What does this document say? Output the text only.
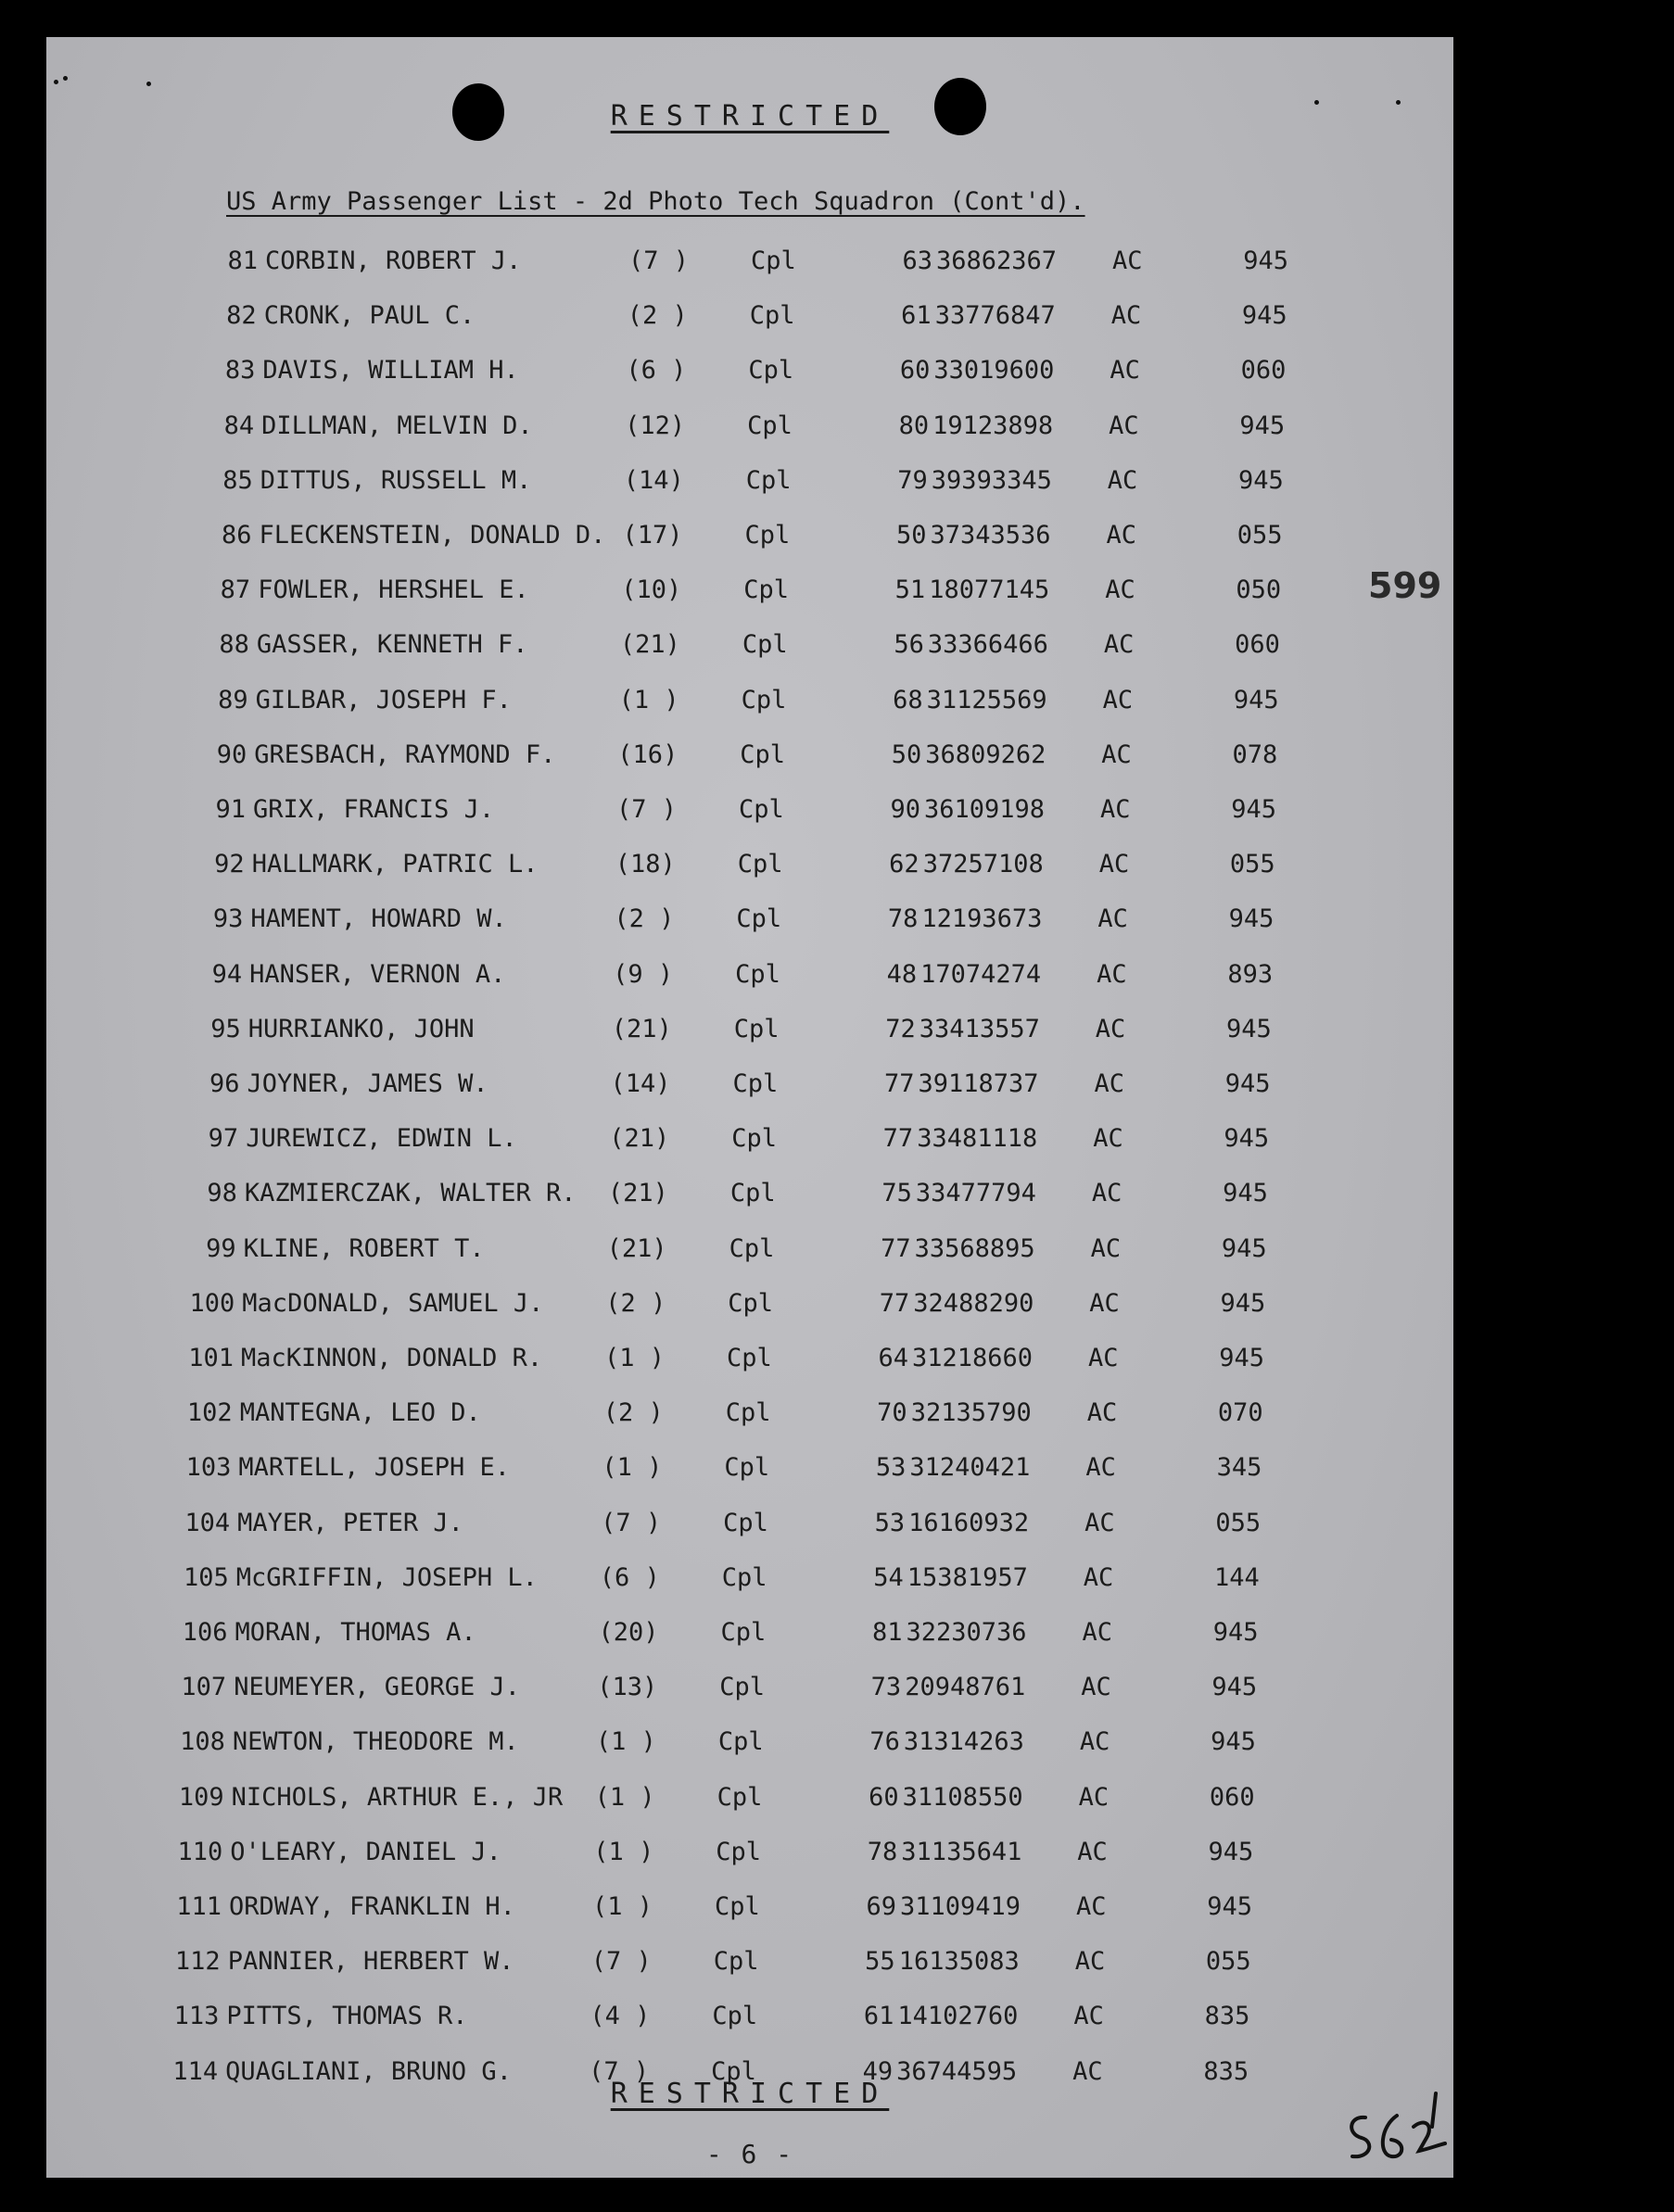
RESTRICTED
US Army Passenger List - 2d Photo Tech Squadron (Cont'd).
81 CORBIN, ROBERT J.	(7 ) Cpl	63 36862367 AC	945
82 CRONK, PAUL C.	(2 ) Cpl	61 33776847 AC	945
83 DAVIS, WILLIAM H.	(6 ) Cpl	60 33019600 AC	060
84 DILLMAN, MELVIN D.	(12) Cpl	80 19123898 AC	945
85 DITTUS, RUSSELL M.	(14) Cpl	79 39393345 AC	945
86 FLECKENSTEIN, DONALD D. (17) Cpl	50 37343536 AC	055
87 FOWLER, HERSHEL E.	(10) Cpl	51 18077145 AC	050
88 GASSER, KENNETH F.	(21) Cpl	56 33366466 AC	060
89 GILBAR, JOSEPH F.	(1 ) Cpl	68 31125569 AC	945
90 GRESBACH, RAYMOND F. (16) Cpl	50 36809262 AC	078
91 GRIX, FRANCIS J.	(7 ) Cpl	90 36109198 AC	945
92 HALLMARK, PATRIC L.	(18) Cpl	62 37257108 AC	055
93 HAMENT, HOWARD W.	(2 ) Cpl	78 12193673 AC	945
94 HANSER, VERNON A.	(9 ) Cpl	48 17074274 AC	893
95 HURRIANKO, JOHN	(21) Cpl	72 33413557 AC	945
96 JOYNER, JAMES W.	(14) Cpl	77 39118737 AC	945
97 JUREWICZ, EDWIN L.	(21) Cpl	77 33481118 AC	945
98 KAZMIERCZAK, WALTER R. (21) Cpl	75 33477794 AC	945
99 KLINE, ROBERT T.	(21) Cpl	77 33568895 AC	945
100 MacDONALD, SAMUEL J. (2 ) Cpl	77 32488290 AC	945
101 MacKINNON, DONALD R. (1 ) Cpl	64 31218660 AC	945
102 MANTEGNA, LEO D.	(2 ) Cpl	70 32135790 AC	070
103 MARTELL, JOSEPH E.	(1 ) Cpl	53 31240421 AC	345
104 MAYER, PETER J.	(7 ) Cpl	53 16160932 AC	055
105 McGRIFFIN, JOSEPH L. (6 ) Cpl	54 15381957 AC	144
106 MORAN, THOMAS A.	(20) Cpl	81 32230736 AC	945
107 NEUMEYER, GEORGE J.	(13) Cpl	73 20948761 AC	945
108 NEWTON, THEODORE M.	(1 ) Cpl	76 31314263 AC	945
109 NICHOLS, ARTHUR E., JR (1 ) Cpl	60 31108550 AC	060
110 O'LEARY, DANIEL J.	(1 ) Cpl	78 31135641 AC	945
111 ORDWAY, FRANKLIN H.	(1 ) Cpl	69 31109419 AC	945
112 PANNIER, HERBERT W.	(7 ) Cpl	55 16135083 AC	055
113 PITTS, THOMAS R.	(4 ) Cpl	61 14102760 AC	835
114 QUAGLIANI, BRUNO G.	(7 ) Cpl	49 36744595 AC	835
599
RESTRICTED
- 6 -
